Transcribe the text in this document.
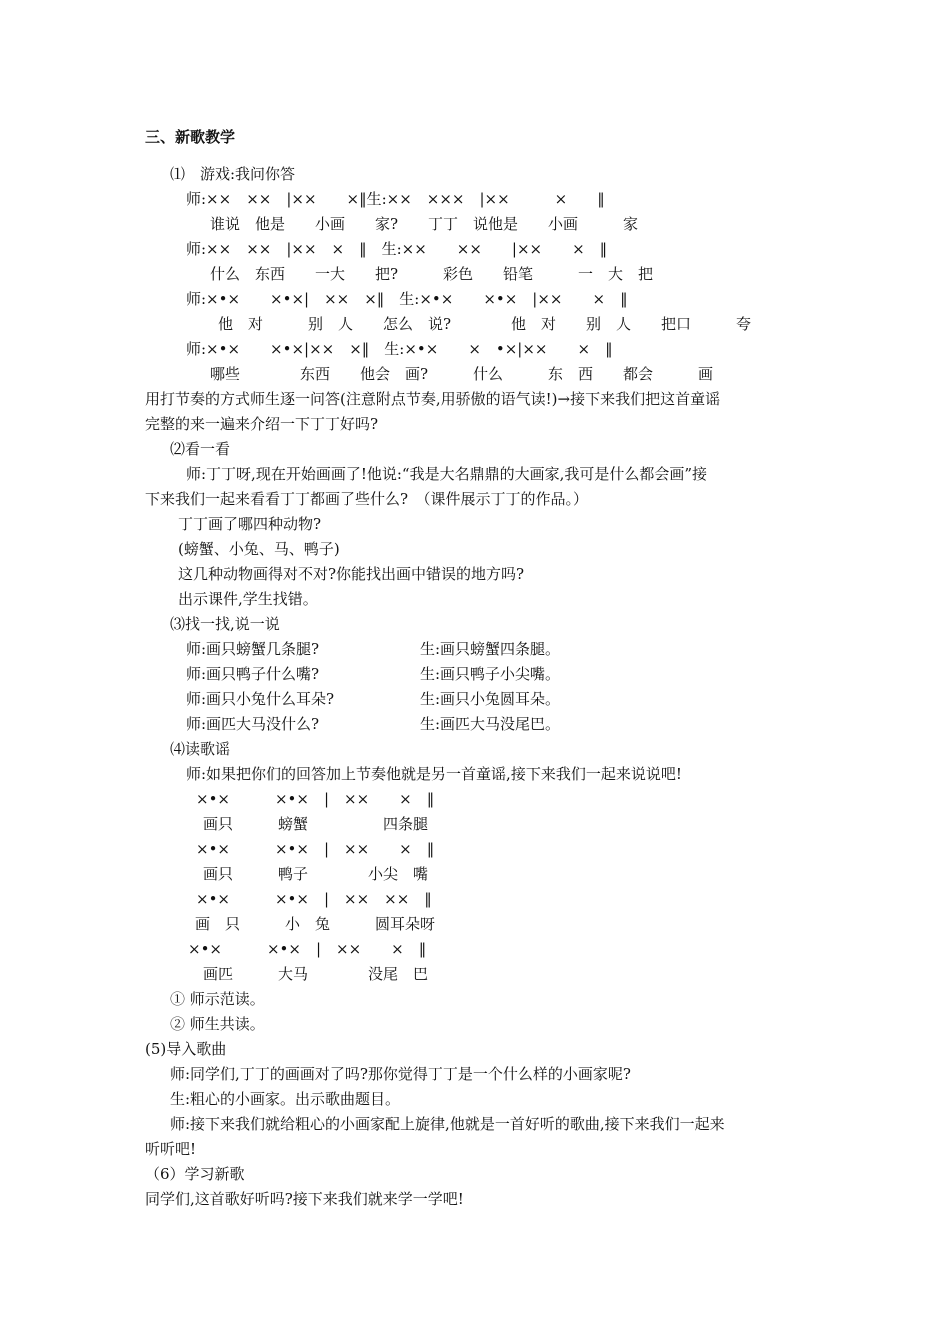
三、新歌教学
⑴　游戏:我问你答
师:××　××　|××　　×‖生:××　×××　|××　　　×　　‖
谁说　他是　　小画　　家?　　丁丁　说他是　　小画　　　家
师:××　××　|××　×　‖　生:××　　××　　|××　　×　‖
什么　东西　　一大　　把?　　　彩色　　铅笔　　　一　大　把
师:×•×　　×•×|　××　×‖　生:×•×　　×•×　|××　　×　‖
他　对　　　别　人　　怎么　说?　　　　他　对　　别　人　　把口　　　夸
师:×•×　　×•×|××　×‖　生:×•×　　×　•×|××　　×　‖
哪些　　　　东西　　他会　画?　　　什么　　　东　西　　都会　　　画
用打节奏的方式师生逐一问答(注意附点节奏,用骄傲的语气读!)→接下来我们把这首童谣
完整的来一遍来介绍一下丁丁好吗?
⑵看一看
师:丁丁呀,现在开始画画了!他说:“我是大名鼎鼎的大画家,我可是什么都会画”接
下来我们一起来看看丁丁都画了些什么?　（课件展示丁丁的作品。）
丁丁画了哪四种动物?
(螃蟹、小兔、马、鸭子)
这几种动物画得对不对?你能找出画中错误的地方吗?
出示课件,学生找错。
⑶找一找,说一说
师:画只螃蟹几条腿?	生:画只螃蟹四条腿。
师:画只鸭子什么嘴?	生:画只鸭子小尖嘴。
师:画只小兔什么耳朵?	生:画只小兔圆耳朵。
师:画匹大马没什么?	生:画匹大马没尾巴。
⑷读歌谣
师:如果把你们的回答加上节奏他就是另一首童谣,接下来我们一起来说说吧!
×•×　　　×•×　|　××　　×　‖
画只　　　螃蟹　　　　　四条腿
×•×　　　×•×　|　××　　×　‖
画只　　　鸭子　　　　小尖　嘴
×•×　　　×•×　|　××　××　‖
画　只　　　小　兔　　　圆耳朵呀
×•×　　　×•×　|　××　　×　‖
画匹　　　大马　　　　没尾　巴
① 师示范读。
② 师生共读。
(5)导入歌曲
师:同学们,丁丁的画画对了吗?那你觉得丁丁是一个什么样的小画家呢?
生:粗心的小画家。出示歌曲题目。
师:接下来我们就给粗心的小画家配上旋律,他就是一首好听的歌曲,接下来我们一起来
听听吧!
（6）学习新歌
同学们,这首歌好听吗?接下来我们就来学一学吧!
